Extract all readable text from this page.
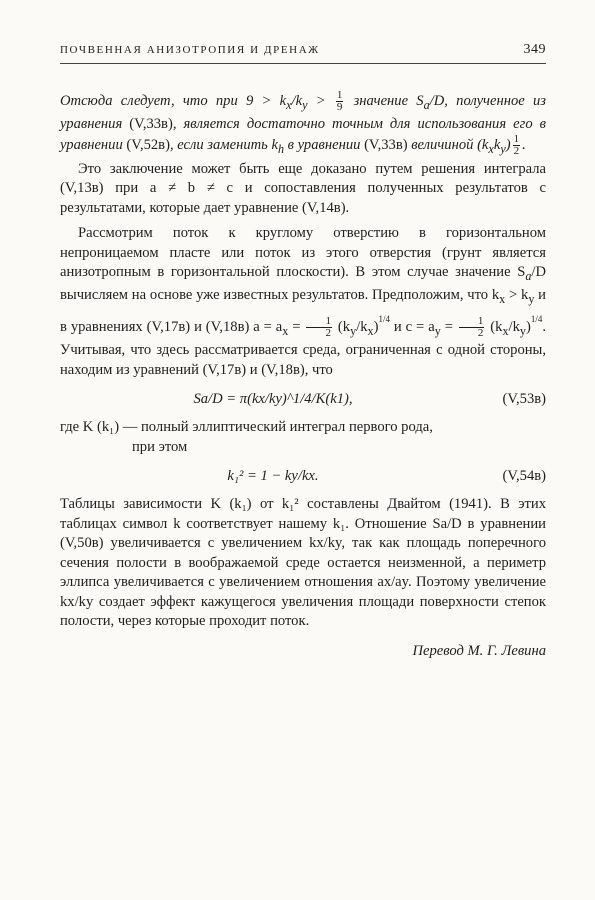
ПОЧВЕННАЯ АНИЗОТРОПИЯ И ДРЕНАЖ	349

Отсюда следует, что при $9 > k_x/k_y > \frac{1}{9}$ значение $S_a/D$, полученное из уравнения (V,33в), является достаточно точным для использования его в уравнении (V,52в), если заменить $k_h$ в уравнении (V,33в) величиной $(k_xk_y) \frac{1}{2}$ .

Это заключение может быть еще доказано путем решения интеграла (V,13в) при a ≠ b ≠ c и сопоставления полученных результатов с результатами, которые дает уравнение (V,14в).

Рассмотрим поток к круглому отверстию в горизонтальном непроницаемом пласте или поток из этого отверстия (грунт является анизотропным в горизонтальной плоскости). В этом случае значение $S_a/D$ вычисляем на основе уже известных результатов. Предположим, что $k_x > k_y$ и в уравнениях (V,17в) и (V,18в) $a = a_x = \frac{1}{2} (k_y/k_x)^{1/4}$ и $c = a_y = \frac{1}{2} (k_x/k_y)^{1/4}$. Учитывая, что здесь рассматривается среда, ограниченная с одной стороны, находим из уравнений (V,17в) и (V,18в), что

Sa/D = π(kx/ky)^1/4/K(k1),	(V,53в)

где K (k₁) — полный эллиптический интеграл первого рода,

при этом

k₁² = 1 − ky/kx.	(V,54в)

Таблицы зависимости K (k₁) от k₁² составлены Двайтом (1941). В этих таблицах символ k соответствует нашему k₁. Отношение Sa/D в уравнении (V,50в) увеличивается с увеличением kx/ky, так как площадь поперечного сечения полости в воображаемой среде остается неизменной, а периметр эллипса увеличивается с увеличением отношения ax/ay. Поэтому увеличение kx/ky создает эффект кажущегося увеличения площади поверхности степок полости, через которые проходит поток.

Перевод М. Г. Левина
